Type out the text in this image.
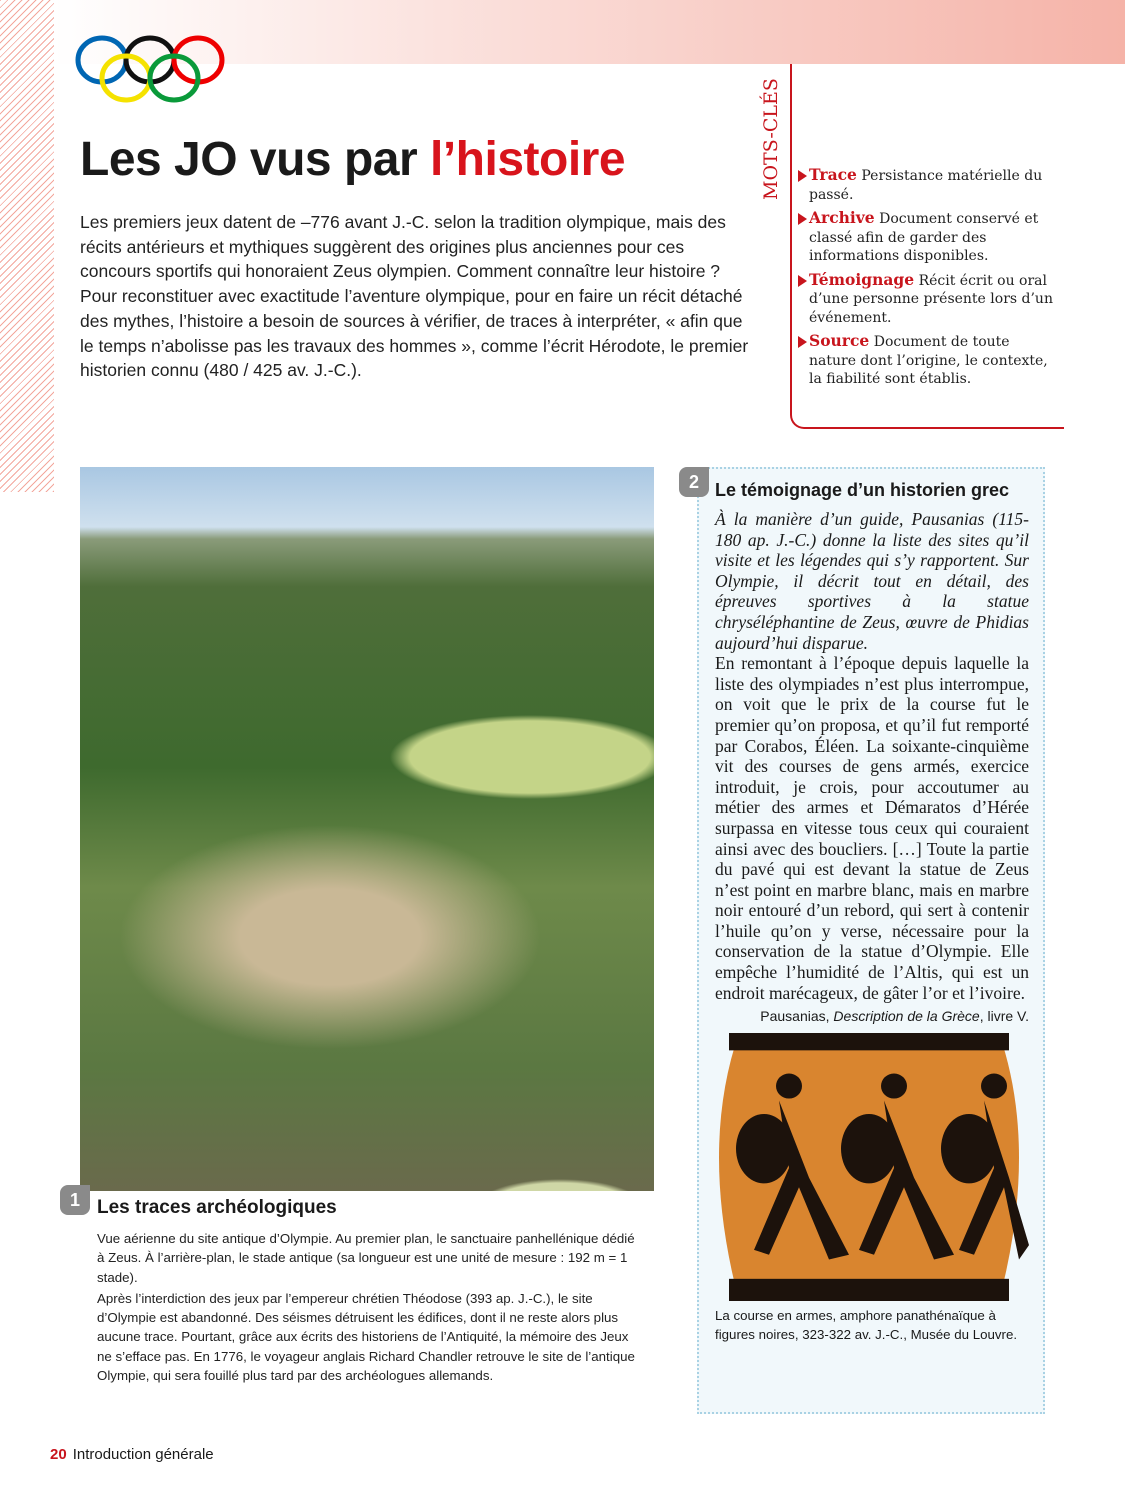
Les JO vus par l’histoire

Les premiers jeux datent de –776 avant J.-C. selon la tradition olympique, mais des récits antérieurs et mythiques suggèrent des origines plus anciennes pour ces concours sportifs qui honoraient Zeus olympien. Comment connaître leur histoire ? Pour reconstituer avec exactitude l’aventure olympique, pour en faire un récit détaché des mythes, l’histoire a besoin de sources à vérifier, de traces à interpréter, « afin que le temps n’abolisse pas les travaux des hommes », comme l’écrit Hérodote, le premier historien connu (480 / 425 av. J.-C.).

MOTS-CLÉS	Trace Persistance matérielle du passé.
Archive Document conservé et classé afin de garder des informations disponibles.
Témoignage Récit écrit ou oral d’une personne présente lors d’un événement.
Source Document de toute nature dont l’origine, le contexte, la fiabilité sont établis.
1 Les traces archéologiques

Vue aérienne du site antique d’Olympie. Au premier plan, le sanctuaire panhellénique dédié à Zeus. À l’arrière-plan, le stade antique (sa longueur est une unité de mesure : 192 m = 1 stade).

Après l’interdiction des jeux par l’empereur chrétien Théodose (393 ap. J.-C.), le site d’Olympie est abandonné. Des séismes détruisent les édifices, dont il ne reste alors plus aucune trace. Pourtant, grâce aux écrits des historiens de l’Antiquité, la mémoire des Jeux ne s’efface pas. En 1776, le voyageur anglais Richard Chandler retrouve le site de l’antique Olympie, qui sera fouillé plus tard par des archéologues allemands.

2 Le témoignage d’un historien grec
À la manière d’un guide, Pausanias (115-180 ap. J.-C.) donne la liste des sites qu’il visite et les légendes qui s’y rapportent. Sur Olympie, il décrit tout en détail, des épreuves sportives à la statue chryséléphantine de Zeus, œuvre de Phidias aujourd’hui disparue.
En remontant à l’époque depuis laquelle la liste des olympiades n’est plus interrompue, on voit que le prix de la course fut le premier qu’on proposa, et qu’il fut remporté par Corabos, Éléen. La soixante-cinquième vit des courses de gens armés, exercice introduit, je crois, pour accoutumer au métier des armes et Démaratos d’Hérée surpassa en vitesse tous ceux qui couraient ainsi avec des boucliers. […] Toute la partie du pavé qui est devant la statue de Zeus n’est point en marbre blanc, mais en marbre noir entouré d’un rebord, qui sert à contenir l’huile qu’on y verse, nécessaire pour la conservation de la statue d’Olympie. Elle empêche l’humidité de l’Altis, qui est un endroit marécageux, de gâter l’or et l’ivoire.
Pausanias, Description de la Grèce, livre V.
La course en armes, amphore panathénaïque à figures noires, 323-322 av. J.-C., Musée du Louvre.
20 Introduction générale
